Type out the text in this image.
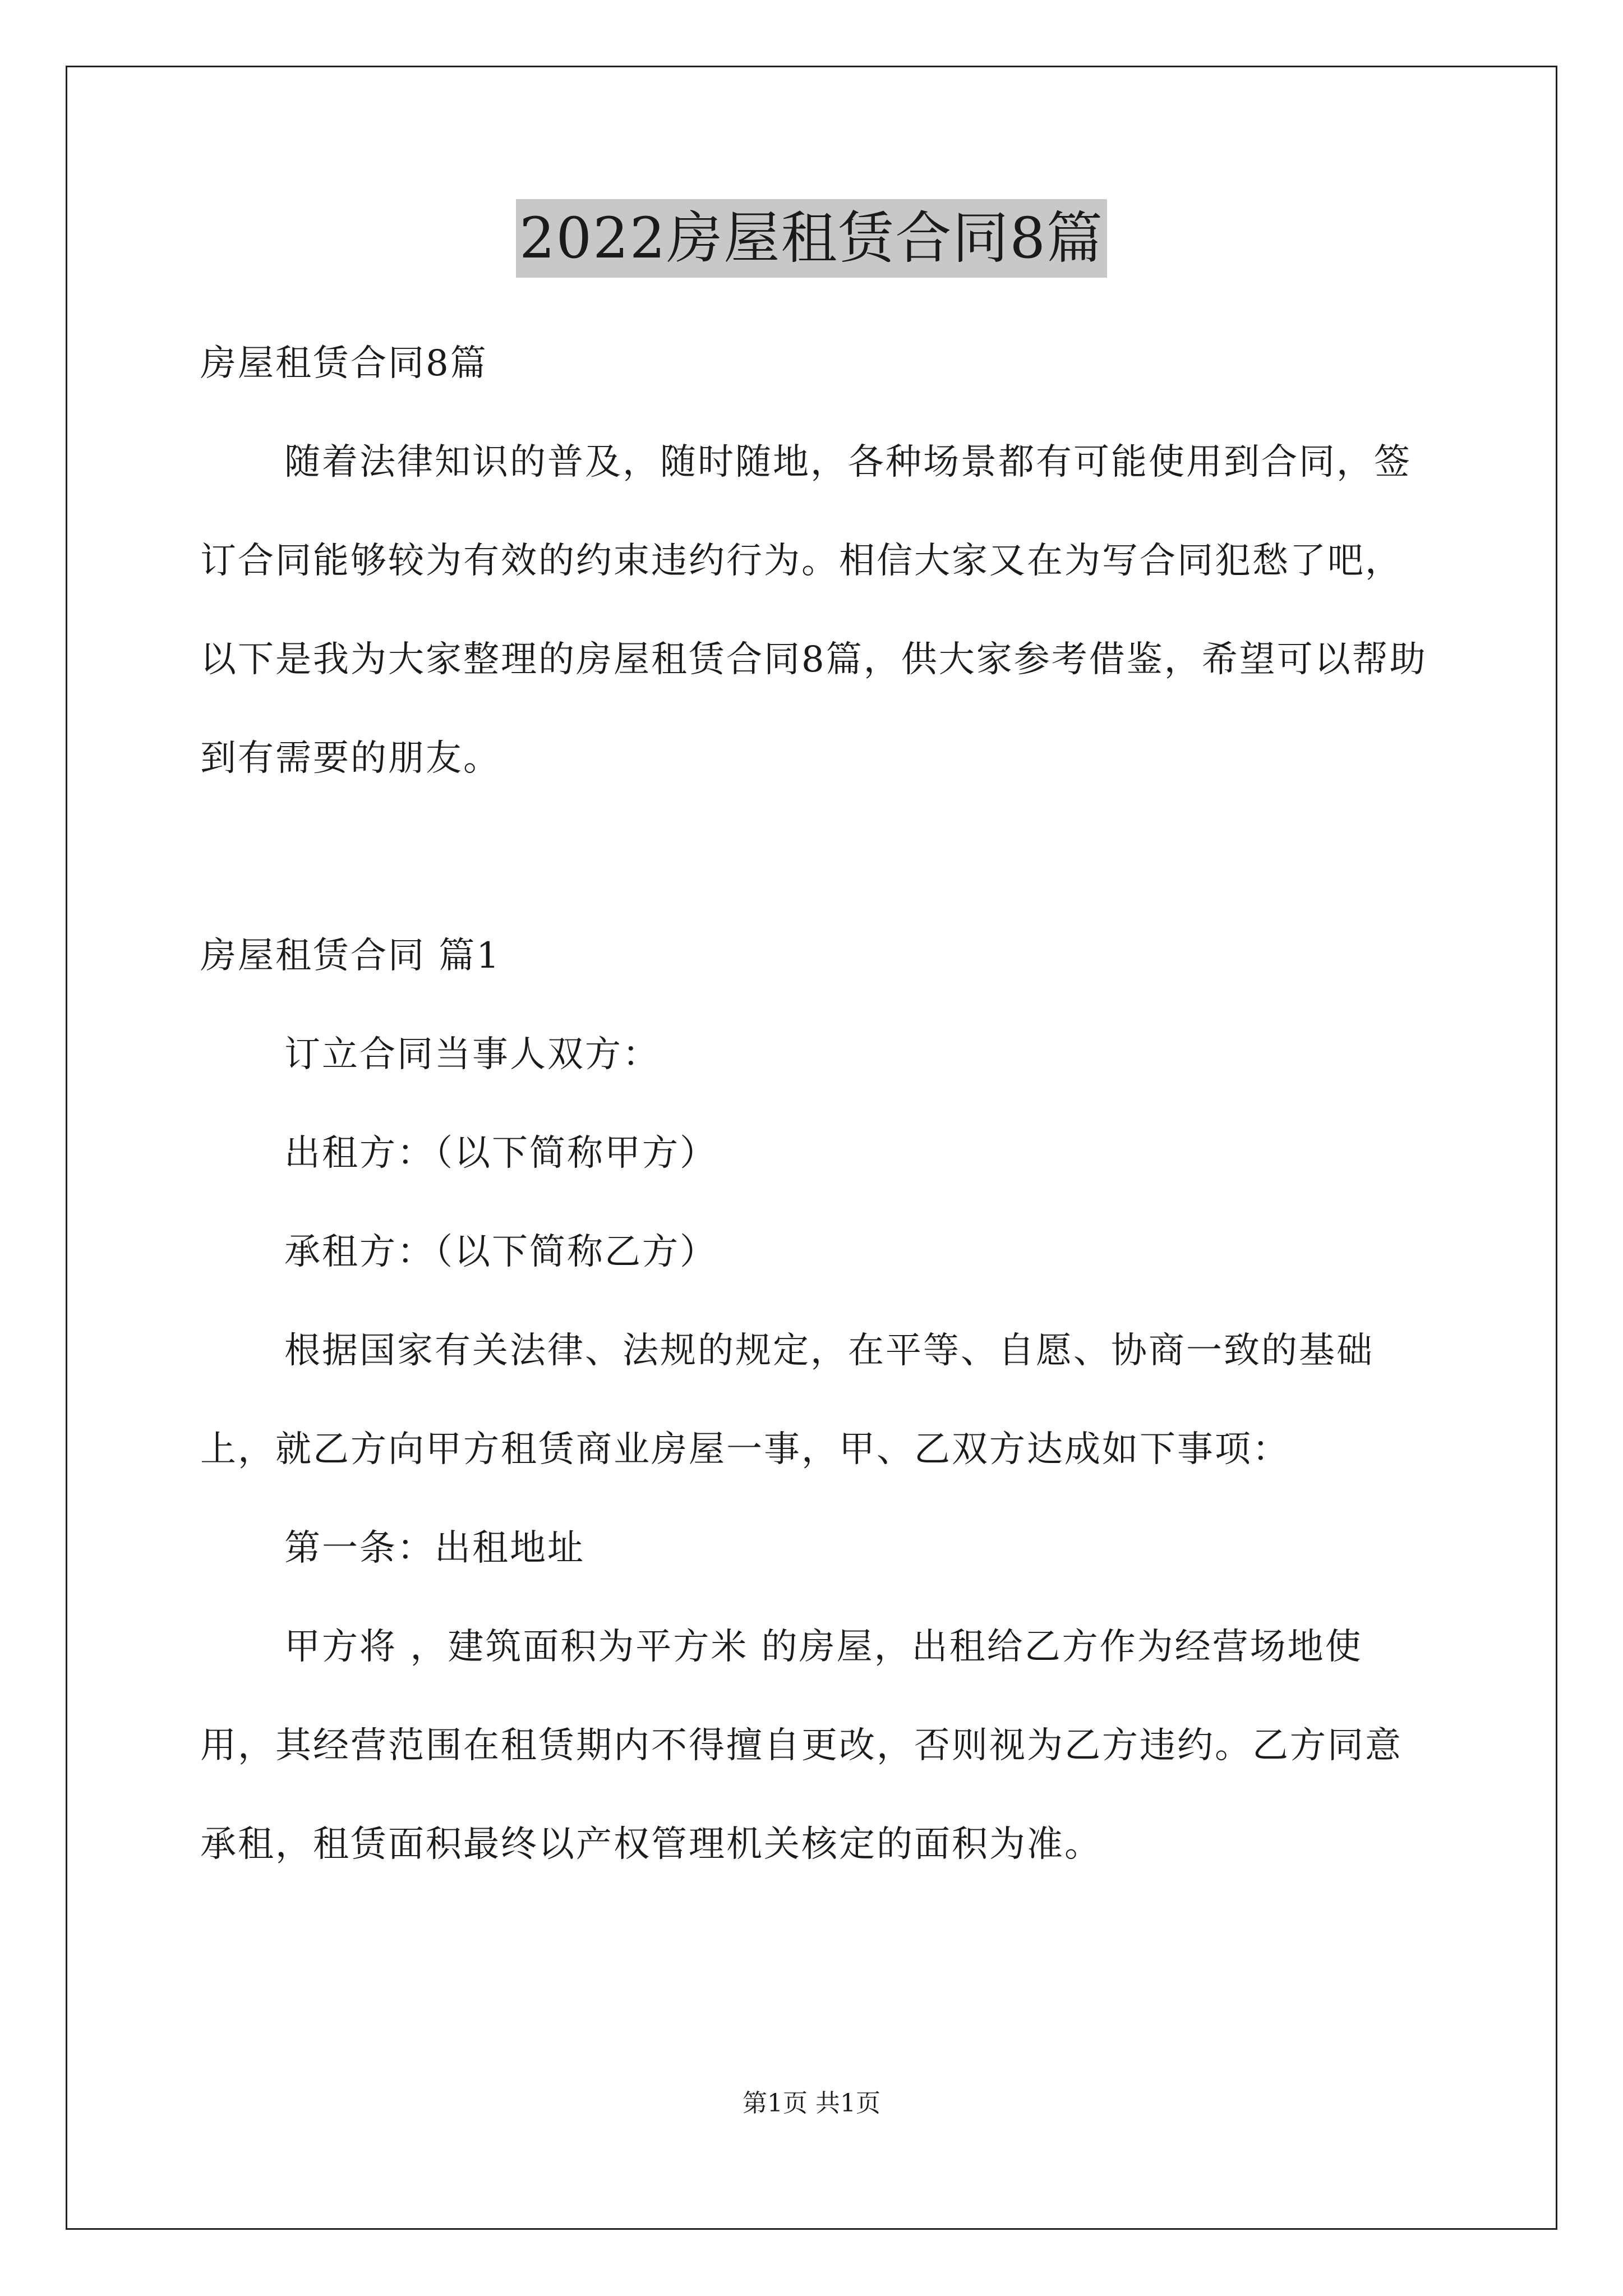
2022房屋租赁合同8篇

房屋租赁合同8篇

随着法律知识的普及，随时随地，各种场景都有可能使用到合同，签订合同能够较为有效的约束违约行为。相信大家又在为写合同犯愁了吧，以下是我为大家整理的房屋租赁合同8篇，供大家参考借鉴，希望可以帮助到有需要的朋友。

房屋租赁合同 篇1

订立合同当事人双方：

出租方：（以下简称甲方）

承租方：（以下简称乙方）

根据国家有关法律、法规的规定，在平等、自愿、协商一致的基础上，就乙方向甲方租赁商业房屋一事，甲、乙双方达成如下事项：

第一条：出租地址

甲方将 ，建筑面积为平方米 的房屋，出租给乙方作为经营场地使用，其经营范围在租赁期内不得擅自更改，否则视为乙方违约。乙方同意承租，租赁面积最终以产权管理机关核定的面积为准。

第1页 共1页
